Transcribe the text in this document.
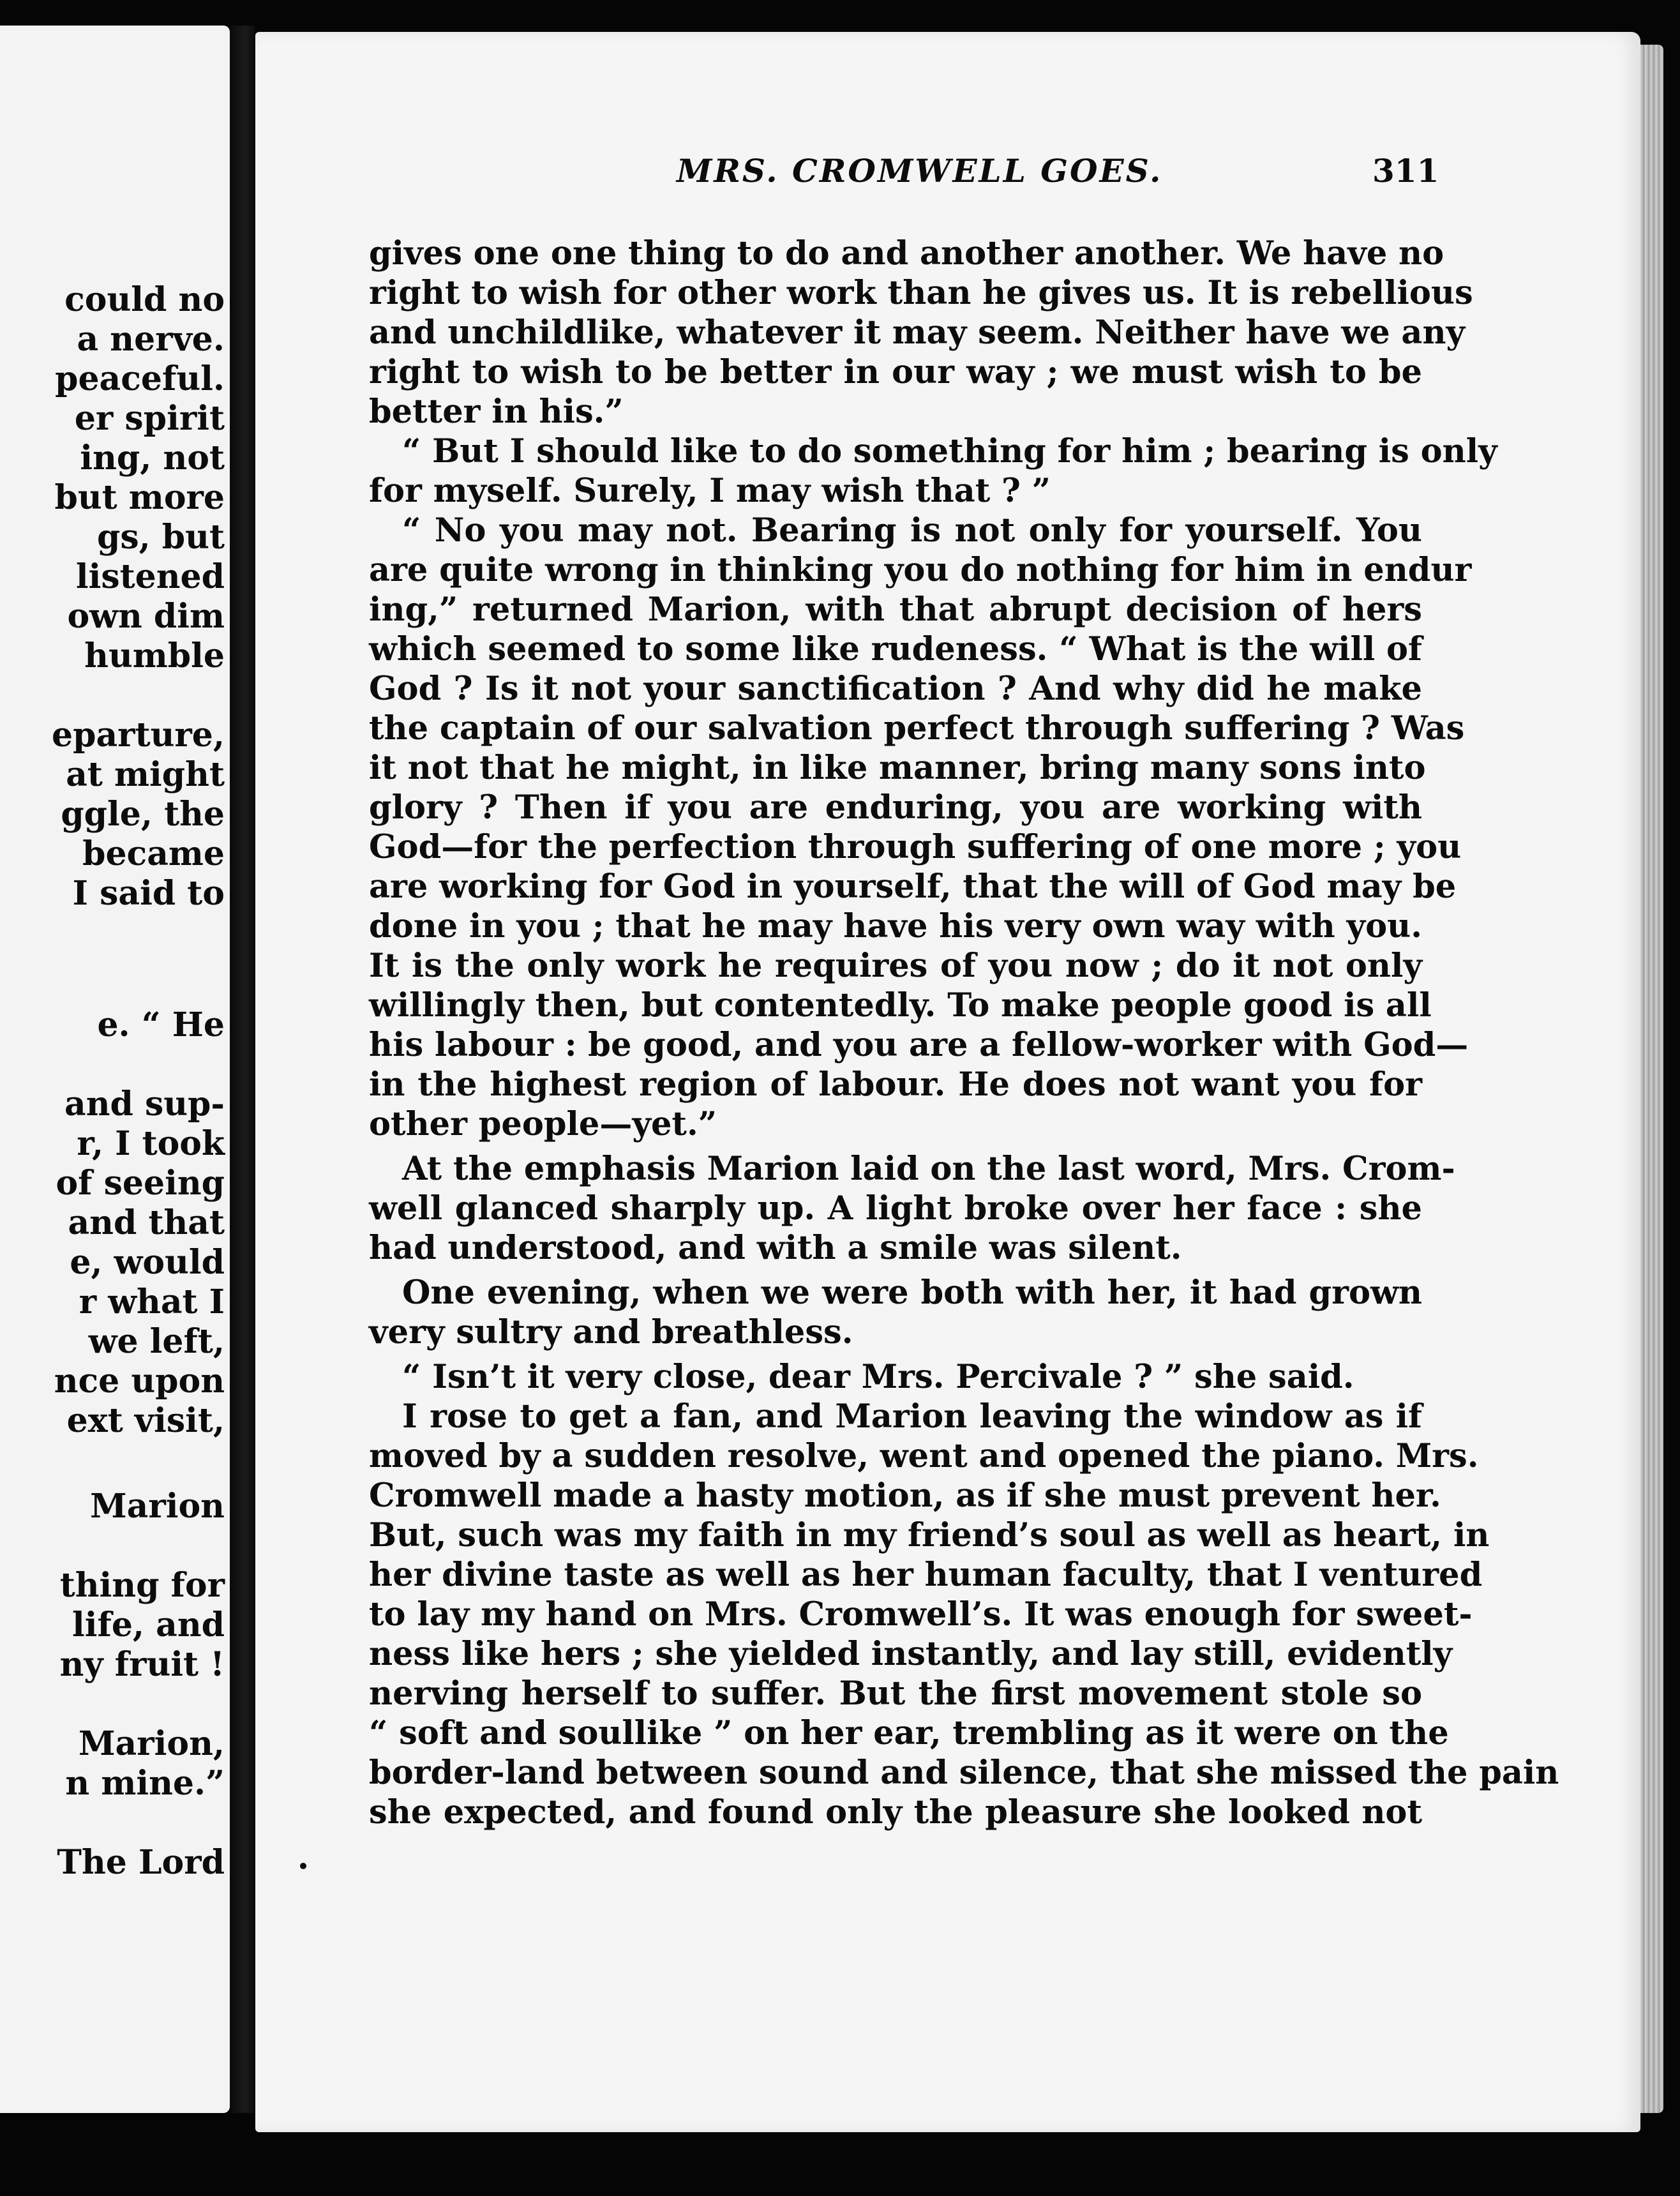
could no
a nerve.
peaceful.
er spirit
ing, not
but more
gs, but
listened
own dim
humble
eparture,
at might
ggle, the
became
I said to
e. “ He
and sup-
r, I took
of seeing
and that
e, would
r what I
we left,
nce upon
ext visit,
Marion
thing for
life, and
ny fruit !
Marion,
n mine.”
The Lord
MRS. CROMWELL GOES.	311
gives one one thing to do and another another. We have no
right to wish for other work than he gives us. It is rebellious
and unchildlike, whatever it may seem. Neither have we any
right to wish to be better in our way ; we must wish to be
better in his.”
“ But I should like to do something for him ; bearing is only
for myself. Surely, I may wish that ? ”
“ No you may not. Bearing is not only for yourself. You
are quite wrong in thinking you do nothing for him in endur
ing,” returned Marion, with that abrupt decision of hers
which seemed to some like rudeness. “ What is the will of
God ? Is it not your sanctification ? And why did he make
the captain of our salvation perfect through suffering ? Was
it not that he might, in like manner, bring many sons into
glory ? Then if you are enduring, you are working with
God—for the perfection through suffering of one more ; you
are working for God in yourself, that the will of God may be
done in you ; that he may have his very own way with you.
It is the only work he requires of you now ; do it not only
willingly then, but contentedly. To make people good is all
his labour : be good, and you are a fellow-worker with God—
in the highest region of labour. He does not want you for
other people—yet.”
At the emphasis Marion laid on the last word, Mrs. Crom-
well glanced sharply up. A light broke over her face : she
had understood, and with a smile was silent.
One evening, when we were both with her, it had grown
very sultry and breathless.
“ Isn’t it very close, dear Mrs. Percivale ? ” she said.
I rose to get a fan, and Marion leaving the window as if
moved by a sudden resolve, went and opened the piano. Mrs.
Cromwell made a hasty motion, as if she must prevent her.
But, such was my faith in my friend’s soul as well as heart, in
her divine taste as well as her human faculty, that I ventured
to lay my hand on Mrs. Cromwell’s. It was enough for sweet-
ness like hers ; she yielded instantly, and lay still, evidently
nerving herself to suffer. But the first movement stole so
“ soft and soullike ” on her ear, trembling as it were on the
border-land between sound and silence, that she missed the pain
she expected, and found only the pleasure she looked not
